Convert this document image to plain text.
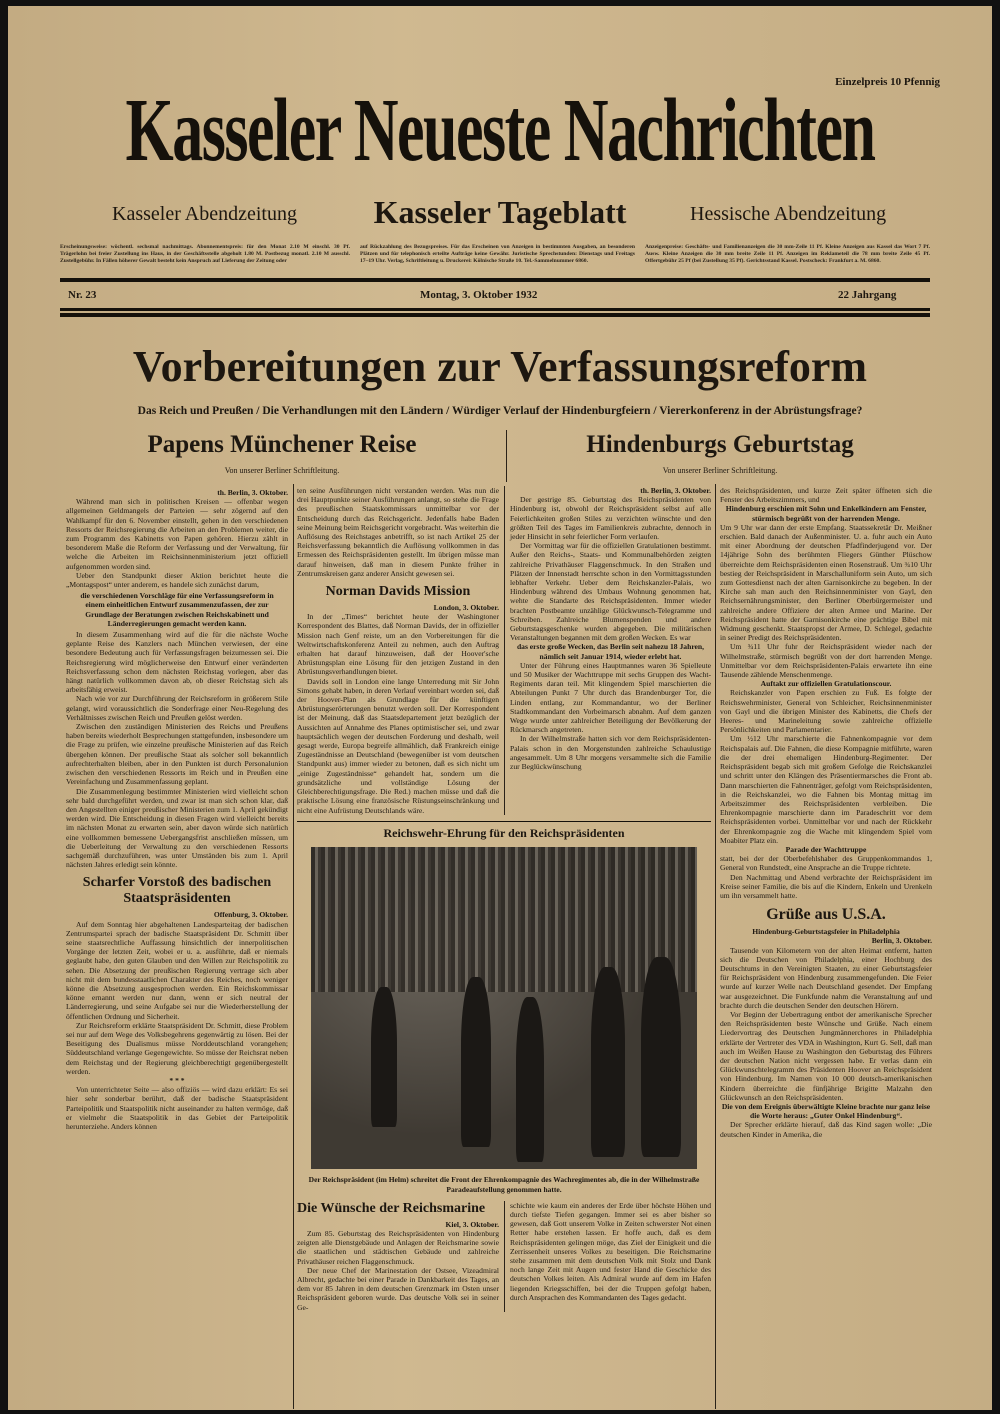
Einzelpreis 10 Pfennig
Kasseler Neueste Nachrichten
Kasseler Abendzeitung	Kasseler Tageblatt	Hessische Abendzeitung
Erscheinungsweise: wöchentl. sechsmal nachmittags. Abonnementspreis: für den Monat 2.10 M einschl. 30 Pf. Trägerlohn bei freier Zustellung ins Haus, in der Geschäftsstelle abgeholt 1.80 M. Postbezug monatl. 2.10 M ausschl. Zustellgebühr. In Fällen höherer Gewalt besteht kein Anspruch auf Lieferung der Zeitung oder
auf Rückzahlung des Bezugspreises. Für das Erscheinen von Anzeigen in bestimmten Ausgaben, an besonderen Plätzen und für telephonisch erteilte Aufträge keine Gewähr. Juristische Sprechstunden: Dienstags und Freitags 17–19 Uhr. Verlag, Schriftleitung u. Druckerei: Kölnische Straße 10. Tel.-Sammelnummer 6860.
Anzeigenpreise: Geschäfts- und Familienanzeigen die 30 mm-Zeile 11 Pf. Kleine Anzeigen aus Kassel das Wort 7 Pf. Ausw. Kleine Anzeigen die 30 mm breite Zeile 11 Pf. Anzeigen im Reklameteil die 78 mm breite Zeile 45 Pf. Offertgebühr 25 Pf (bei Zustellung 35 Pf). Gerichtsstand Kassel. Postscheck: Frankfurt a. M. 6860.
Nr. 23	Montag, 3. Oktober 1932	22 Jahrgang
Vorbereitungen zur Verfassungsreform
Das Reich und Preußen / Die Verhandlungen mit den Ländern / Würdiger Verlauf der Hindenburgfeiern / Viererkonferenz in der Abrüstungsfrage?
Papens Münchener Reise
Von unserer Berliner Schriftleitung.
Hindenburgs Geburtstag
Von unserer Berliner Schriftleitung.

th. Berlin, 3. Oktober.

Während man sich in politischen Kreisen — offenbar wegen allgemeinen Geldmangels der Parteien — sehr zögernd auf den Wahlkampf für den 6. November einstellt, gehen in den verschiedenen Ressorts der Reichsregierung die Arbeiten an den Problemen weiter, die zum Programm des Kabinetts von Papen gehören. Hierzu zählt in besonderem Maße die Reform der Verfassung und der Verwaltung, für welche die Arbeiten im Reichsinnenministerium jetzt offiziell aufgenommen worden sind.

Ueber den Standpunkt dieser Aktion berichtet heute die „Montagspost“ unter anderem, es handele sich zunächst darum,

die verschiedenen Vorschläge für eine Verfassungsreform in einem einheitlichen Entwurf zusammenzufassen, der zur Grundlage der Beratungen zwischen Reichskabinett und Länderregierungen gemacht werden kann.

In diesem Zusammenhang wird auf die für die nächste Woche geplante Reise des Kanzlers nach München verwiesen, der eine besondere Bedeutung auch für Verfassungsfragen beizumessen sei. Die Reichsregierung wird möglicherweise den Entwurf einer veränderten Reichsverfassung schon dem nächsten Reichstag vorlegen, aber das hängt natürlich vollkommen davon ab, ob dieser Reichstag sich als arbeitsfähig erweist.

Nach wie vor zur Durchführung der Reichsreform in größerem Stile gelangt, wird voraussichtlich die Sonderfrage einer Neu-Regelung des Verhältnisses zwischen Reich und Preußen gelöst werden.

Zwischen den zuständigen Ministerien des Reichs und Preußens haben bereits wiederholt Besprechungen stattgefunden, insbesondere um die Frage zu prüfen, wie einzelne preußische Ministerien auf das Reich übergehen können. Der preußische Staat als solcher soll bekanntlich aufrechterhalten bleiben, aber in den Punkten ist durch Personalunion zwischen den verschiedenen Ressorts im Reich und in Preußen eine Vereinfachung und Zusammenfassung geplant.

Die Zusammenlegung bestimmter Ministerien wird vielleicht schon sehr bald durchgeführt werden, und zwar ist man sich schon klar, daß den Angestellten einiger preußischer Ministerien zum 1. April gekündigt werden wird. Die Entscheidung in diesen Fragen wird vielleicht bereits im nächsten Monat zu erwarten sein, aber davon würde sich natürlich eine vollkommen bemessene Uebergangsfrist anschließen müssen, um die Ueberleitung der Verwaltung zu den verschiedenen Ressorts sachgemäß durchzuführen, was unter Umständen bis zum 1. April nächsten Jahres erledigt sein könnte.

Scharfer Vorstoß des badischen Staatspräsidenten

Offenburg, 3. Oktober.

Auf dem Sonntag hier abgehaltenen Landesparteitag der badischen Zentrumspartei sprach der badische Staatspräsident Dr. Schmitt über seine staatsrechtliche Auffassung hinsichtlich der innerpolitischen Vorgänge der letzten Zeit, wobei er u. a. ausführte, daß er niemals geglaubt habe, den guten Glauben und den Willen zur Reichspolitik zu sehen. Die Absetzung der preußischen Regierung vertrage sich aber nicht mit dem bundesstaatlichen Charakter des Reiches, noch weniger könne die Absetzung ausgesprochen werden. Ein Reichskommissar könne ernannt werden nur dann, wenn er sich neutral der Länderregierung, und seine Aufgabe sei nur die Wiederherstellung der öffentlichen Ordnung und Sicherheit.

Zur Reichsreform erklärte Staatspräsident Dr. Schmitt, diese Problem sei nur auf dem Wege des Volksbegehrens gegenwärtig zu lösen. Bei der Beseitigung des Dualismus müsse Norddeutschland vorangehen; Süddeutschland verlange Gegengewichte. So müsse der Reichsrat neben dem Reichstag und der Regierung gleichberechtigt gegenübergestellt werden.

* * *

Von unterrichteter Seite — also offiziös — wird dazu erklärt: Es sei hier sehr sonderbar berührt, daß der badische Staatspräsident Parteipolitik und Staatspolitik nicht auseinander zu halten vermöge, daß er vielmehr die Staatspolitik in das Gebiet der Parteipolitik herunterziehe. Anders können

ten seine Ausführungen nicht verstanden werden. Was nun die drei Hauptpunkte seiner Ausführungen anlangt, so stehe die Frage des preußischen Staatskommissars unmittelbar vor der Entscheidung durch das Reichsgericht. Jedenfalls habe Baden seine Meinung beim Reichsgericht vorgebracht. Was weiterhin die Auflösung des Reichstages anbetrifft, so ist nach Artikel 25 der Reichsverfassung bekanntlich die Auflösung vollkommen in das Ermessen des Reichspräsidenten gestellt. Im übrigen müsse man darauf hinweisen, daß man in diesem Punkte früher in Zentrumskreisen ganz anderer Ansicht gewesen sei.

Norman Davids Mission

London, 3. Oktober.

In der „Times“ berichtet heute der Washingtoner Korrespondent des Blattes, daß Norman Davids, der in offizieller Mission nach Genf reiste, um an den Vorbereitungen für die Weltwirtschaftskonferenz Anteil zu nehmen, auch den Auftrag erhalten hat darauf hinzuweisen, daß der Hoover'sche Abrüstungsplan eine Lösung für den jetzigen Zustand in den Abrüstungsverhandlungen bietet.

Davids soll in London eine lange Unterredung mit Sir John Simons gehabt haben, in deren Verlauf vereinbart worden sei, daß der Hoover-Plan als Grundlage für die künftigen Abrüstungserörterungen benutzt werden soll. Der Korrespondent ist der Meinung, daß das Staatsdepartement jetzt bezüglich der Aussichten auf Annahme des Planes optimistischer sei, und zwar hauptsächlich wegen der deutschen Forderung und deshalb, weil gesagt werde, Europa begreife allmählich, daß Frankreich einige Zugeständnisse an Deutschland (bewegenüber ist vom deutschen Standpunkt aus) immer wieder zu betonen, daß es sich nicht um „einige Zugeständnisse“ gehandelt hat, sondern um die grundsätzliche und vollständige Lösung der Gleichberechtigungsfrage. Die Red.) machen müsse und daß die praktische Lösung eine französische Rüstungseinschränkung und nicht eine Aufrüstung Deutschlands wäre.

th. Berlin, 3. Oktober.

Der gestrige 85. Geburtstag des Reichspräsidenten von Hindenburg ist, obwohl der Reichspräsident selbst auf alle Feierlichkeiten großen Stiles zu verzichten wünschte und den größten Teil des Tages im Familienkreis zubrachte, dennoch in jeder Hinsicht in sehr feierlicher Form verlaufen.

Der Vormittag war für die offiziellen Gratulationen bestimmt. Außer den Reichs-, Staats- und Kommunalbehörden zeigten zahlreiche Privathäuser Flaggenschmuck. In den Straßen und Plätzen der Innenstadt herrschte schon in den Vormittagsstunden lebhafter Verkehr. Ueber dem Reichskanzler-Palais, wo Hindenburg während des Umbaus Wohnung genommen hat, wehte die Standarte des Reichspräsidenten. Immer wieder brachten Postbeamte unzählige Glückwunsch-Telegramme und Schreiben. Zahlreiche Blumenspenden und andere Geburtstagsgeschenke wurden abgegeben. Die militärischen Veranstaltungen begannen mit dem großen Wecken. Es war

das erste große Wecken, das Berlin seit nahezu 18 Jahren, nämlich seit Januar 1914, wieder erlebt hat.

Unter der Führung eines Hauptmannes waren 36 Spielleute und 50 Musiker der Wachttruppe mit sechs Gruppen des Wacht-Regiments daran teil. Mit klingendem Spiel marschierten die Abteilungen Punkt 7 Uhr durch das Brandenburger Tor, die Linden entlang, zur Kommandantur, wo der Berliner Stadtkommandant den Vorbeimarsch abnahm. Auf dem ganzen Wege wurde unter zahlreicher Beteiligung der Bevölkerung der Rückmarsch angetreten.

In der Wilhelmstraße hatten sich vor dem Reichspräsidenten-Palais schon in den Morgenstunden zahlreiche Schaulustige angesammelt. Um 8 Uhr morgens versammelte sich die Familie zur Beglückwünschung

Reichswehr-Ehrung für den Reichspräsidenten
Der Reichspräsident (im Helm) schreitet die Front der Ehrenkompagnie des Wachregimentes ab, die in der Wilhelmstraße Paradeaufstellung genommen hatte.
Die Wünsche der Reichsmarine

Kiel, 3. Oktober.

Zum 85. Geburtstag des Reichspräsidenten von Hindenburg zeigten alle Dienstgebäude und Anlagen der Reichsmarine sowie die staatlichen und städtischen Gebäude und zahlreiche Privathäuser reichen Flaggenschmuck.

Der neue Chef der Marinestation der Ostsee, Vizeadmiral Albrecht, gedachte bei einer Parade in Dankbarkeit des Tages, an dem vor 85 Jahren in dem deutschen Grenzmark im Osten unser Reichspräsident geboren wurde. Das deutsche Volk sei in seiner Ge-

schichte wie kaum ein anderes der Erde über höchste Höhen und durch tiefste Tiefen gegangen. Immer sei es aber bisher so gewesen, daß Gott unserem Volke in Zeiten schwerster Not einen Retter habe erstehen lassen. Er hoffe auch, daß es dem Reichspräsidenten gelingen möge, das Ziel der Einigkeit und die Zerrissenheit unseres Volkes zu beseitigen. Die Reichsmarine stehe zusammen mit dem deutschen Volk mit Stolz und Dank noch lange Zeit mit Augen und fester Hand die Geschicke des deutschen Volkes leiten. Als Admiral wurde auf dem im Hafen liegenden Kriegsschiffen, bei der die Truppen gefolgt haben, durch Ansprachen des Kommandanten des Tages gedacht.

des Reichspräsidenten, und kurze Zeit später öffneten sich die Fenster des Arbeitszimmers, und

Hindenburg erschien mit Sohn und Enkelkindern am Fenster, stürmisch begrüßt von der harrenden Menge.

Um 9 Uhr war dann der erste Empfang. Staatssekretär Dr. Meißner erschien. Bald danach der Außenminister. U. a. fuhr auch ein Auto mit einer Abordnung der deutschen Pfadfinderjugend vor. Der 14jährige Sohn des berühmten Fliegers Günther Plüschow überreichte dem Reichspräsidenten einen Rosenstrauß. Um ¾10 Uhr bestieg der Reichspräsident in Marschalluniform sein Auto, um sich zum Gottesdienst nach der alten Garnisonkirche zu begeben. In der Kirche sah man auch den Reichsinnenminister von Gayl, den Reichsernährungsminister, den Berliner Oberbürgermeister und zahlreiche andere Offiziere der alten Armee und Marine. Der Reichspräsident hatte der Garnisonkirche eine prächtige Bibel mit Widmung geschenkt. Staatspropst der Armee, D. Schlegel, gedachte in seiner Predigt des Reichspräsidenten.

Um ¾11 Uhr fuhr der Reichspräsident wieder nach der Wilhelmstraße, stürmisch begrüßt von der dort harrenden Menge. Unmittelbar vor dem Reichspräsidenten-Palais erwartete ihn eine Tausende zählende Menschenmenge.

Auftakt zur offiziellen Gratulationscour.

Reichskanzler von Papen erschien zu Fuß. Es folgte der Reichswehrminister, General von Schleicher, Reichsinnenminister von Gayl und die übrigen Minister des Kabinetts, die Chefs der Heeres- und Marineleitung sowie zahlreiche offizielle Persönlichkeiten und Parlamentarier.

Um ½12 Uhr marschierte die Fahnenkompagnie vor dem Reichspalais auf. Die Fahnen, die diese Kompagnie mitführte, waren die der drei ehemaligen Hindenburg-Regimenter. Der Reichspräsident begab sich mit großem Gefolge die Reichskanzlei und schritt unter den Klängen des Präsentiermarsches die Front ab. Dann marschierten die Fahnenträger, gefolgt vom Reichspräsidenten, in die Reichskanzlei, wo die Fahnen bis Montag mittag im Arbeitszimmer des Reichspräsidenten verbleiben. Die Ehrenkompagnie marschierte dann im Paradeschritt vor dem Reichspräsidenten vorbei. Unmittelbar vor und nach der Rückkehr der Ehrenkompagnie zog die Wache mit klingendem Spiel vom Moabiter Platz ein.

Parade der Wachttruppe

statt, bei der der Oberbefehlshaber des Gruppenkommandos 1, General von Rundstedt, eine Ansprache an die Truppe richtete.

Den Nachmittag und Abend verbrachte der Reichspräsident im Kreise seiner Familie, die bis auf die Kindern, Enkeln und Urenkeln um ihn versammelt hatte.

Grüße aus U.S.A.

Hindenburg-Geburtstagsfeier in Philadelphia

Berlin, 3. Oktober.

Tausende von Kilometern von der alten Heimat entfernt, hatten sich die Deutschen von Philadelphia, einer Hochburg des Deutschtums in den Vereinigten Staaten, zu einer Geburtstagsfeier für Reichspräsident von Hindenburg zusammengefunden. Die Feier wurde auf kurzer Welle nach Deutschland gesendet. Der Empfang war ausgezeichnet. Die Funkfunde nahm die Veranstaltung auf und brachte durch die deutschen Sender den deutschen Hörern.

Vor Beginn der Uebertragung entbot der amerikanische Sprecher den Reichspräsidenten beste Wünsche und Grüße. Nach einem Liedervortrag des Deutschen Jungmännerchores in Philadelphia erklärte der Vertreter des VDA in Washington, Kurt G. Sell, daß man auch im Weißen Hause zu Washington den Geburtstag des Führers der deutschen Nation nicht vergessen habe. Er verlas dann ein Glückwunschtelegramm des Präsidenten Hoover an Reichspräsident von Hindenburg. Im Namen von 10 000 deutsch-amerikanischen Kindern überreichte die fünfjährige Brigitte Malzahn den Glückwunsch an den Reichspräsidenten.

Die von dem Ereignis überwältigte Kleine brachte nur ganz leise die Worte heraus: „Guter Onkel Hindenburg“.

Der Sprecher erklärte hierauf, daß das Kind sagen wolle: „Die deutschen Kinder in Amerika, die
